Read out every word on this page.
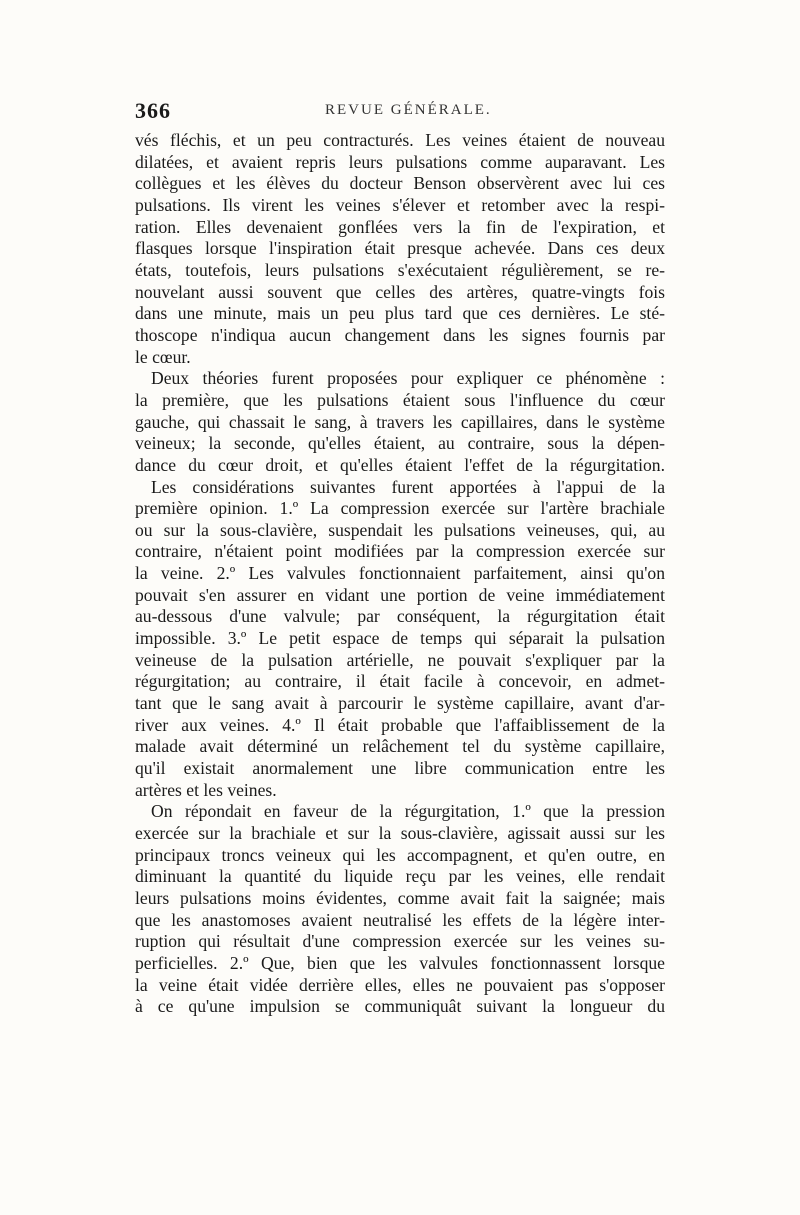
366	REVUE GÉNÉRALE.
vés fléchis, et un peu contracturés. Les veines étaient de nouveau
dilatées, et avaient repris leurs pulsations comme auparavant. Les
collègues et les élèves du docteur Benson observèrent avec lui ces
pulsations. Ils virent les veines s'élever et retomber avec la respi-
ration. Elles devenaient gonflées vers la fin de l'expiration, et
flasques lorsque l'inspiration était presque achevée. Dans ces deux
états, toutefois, leurs pulsations s'exécutaient régulièrement, se re-
nouvelant aussi souvent que celles des artères, quatre-vingts fois
dans une minute, mais un peu plus tard que ces dernières. Le sté-
thoscope n'indiqua aucun changement dans les signes fournis par
le cœur.
Deux théories furent proposées pour expliquer ce phénomène :
la première, que les pulsations étaient sous l'influence du cœur
gauche, qui chassait le sang, à travers les capillaires, dans le système
veineux; la seconde, qu'elles étaient, au contraire, sous la dépen-
dance du cœur droit, et qu'elles étaient l'effet de la régurgitation.
Les considérations suivantes furent apportées à l'appui de la
première opinion. 1.º La compression exercée sur l'artère brachiale
ou sur la sous-clavière, suspendait les pulsations veineuses, qui, au
contraire, n'étaient point modifiées par la compression exercée sur
la veine. 2.º Les valvules fonctionnaient parfaitement, ainsi qu'on
pouvait s'en assurer en vidant une portion de veine immédiatement
au-dessous d'une valvule; par conséquent, la régurgitation était
impossible. 3.º Le petit espace de temps qui séparait la pulsation
veineuse de la pulsation artérielle, ne pouvait s'expliquer par la
régurgitation; au contraire, il était facile à concevoir, en admet-
tant que le sang avait à parcourir le système capillaire, avant d'ar-
river aux veines. 4.º Il était probable que l'affaiblissement de la
malade avait déterminé un relâchement tel du système capillaire,
qu'il existait anormalement une libre communication entre les
artères et les veines.
On répondait en faveur de la régurgitation, 1.º que la pression
exercée sur la brachiale et sur la sous-clavière, agissait aussi sur les
principaux troncs veineux qui les accompagnent, et qu'en outre, en
diminuant la quantité du liquide reçu par les veines, elle rendait
leurs pulsations moins évidentes, comme avait fait la saignée; mais
que les anastomoses avaient neutralisé les effets de la légère inter-
ruption qui résultait d'une compression exercée sur les veines su-
perficielles. 2.º Que, bien que les valvules fonctionnassent lorsque
la veine était vidée derrière elles, elles ne pouvaient pas s'opposer
à ce qu'une impulsion se communiquât suivant la longueur du
